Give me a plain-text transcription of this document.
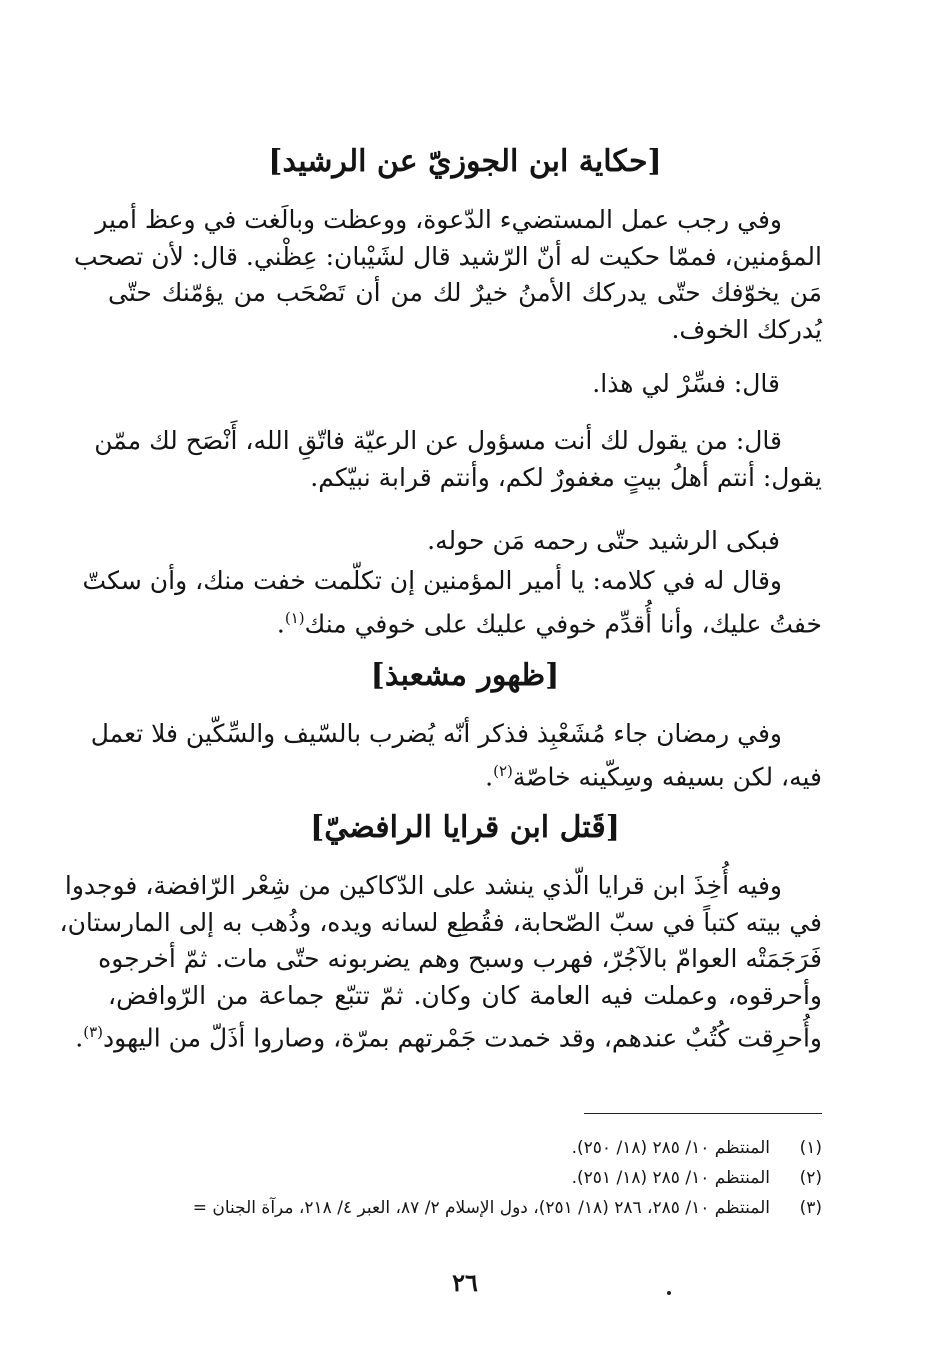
[حكاية ابن الجوزيّ عن الرشيد]
وفي رجب عمل المستضيء الدّعوة، ووعظت وبالَغت في وعظ أمير
المؤمنين، فممّا حكيت له أنّ الرّشيد قال لشَيْبان: عِظْني. قال: لأن تصحب
مَن يخوّفك حتّى يدركك الأمنُ خيرٌ لك من أن تَصْحَب من يؤمّنك حتّى
يُدركك الخوف.
قال: فسِّرْ لي هذا.
قال: من يقول لك أنت مسؤول عن الرعيّة فاتّقِ الله، أَنْصَح لك ممّن
يقول: أنتم أهلُ بيتٍ مغفورٌ لكم، وأنتم قرابة نبيّكم.
فبكى الرشيد حتّى رحمه مَن حوله.
وقال له في كلامه: يا أمير المؤمنين إن تكلّمت خفت منك، وأن سكتّ
خفتُ عليك، وأنا أُقدِّم خوفي عليك على خوفي منك$^{(١)}$.
[ظهور مشعبذ]
وفي رمضان جاء مُشَعْبِذ فذكر أنّه يُضرب بالسّيف والسِّكّين فلا تعمل
فيه، لكن بسيفه وسِكّينه خاصّة$^{(٢)}$.
[قَتل ابن قرايا الرافضيّ]
وفيه أُخِذَ ابن قرايا الّذي ينشد على الدّكاكين من شِعْر الرّافضة، فوجدوا
في بيته كتباً في سبّ الصّحابة، فقُطِع لسانه ويده، وذُهب به إلى المارستان،
فَرَجَمَتْه العوامّ بالآجُرّ، فهرب وسبح وهم يضربونه حتّى مات. ثمّ أخرجوه
وأحرقوه، وعملت فيه العامة كان وكان. ثمّ تتبّع جماعة من الرّوافض،
وأُحرِقت كُتُبٌ عندهم، وقد خمدت جَمْرتهم بمرّة، وصاروا أذَلّ من اليهود$^{(٣)}$.
(١)المنتظم ١٠/ ٢٨٥ (١٨/ ٢٥٠).
(٢)المنتظم ١٠/ ٢٨٥ (١٨/ ٢٥١).
(٣)المنتظم ١٠/ ٢٨٥، ٢٨٦ (١٨/ ٢٥١)، دول الإسلام ٢/ ٨٧، العبر ٤/ ٢١٨، مرآة الجنان =
٢٦
